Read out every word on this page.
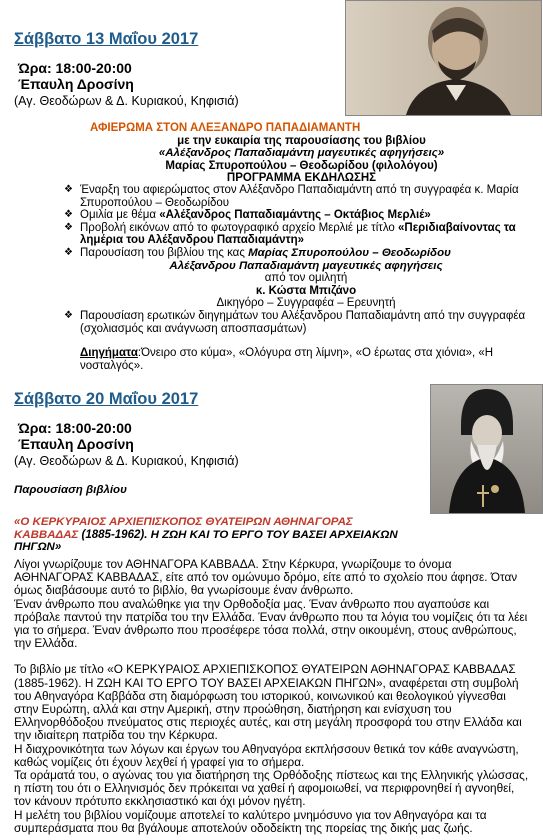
Σάββατο 13 Μαΐου 2017
Ώρα: 18:00-20:00
Έπαυλη Δροσίνη
(Αγ. Θεοδώρων & Δ. Κυριακού, Κηφισιά)
ΑΦΙΕΡΩΜΑ ΣΤΟΝ ΑΛΕΞΑΝΔΡΟ ΠΑΠΑΔΙΑΜΑΝΤΗ
με την ευκαιρία της παρουσίασης του βιβλίου
«Αλέξανδρος Παπαδιαμάντη μαγευτικές αφηγήσεις»
Μαρίας Σπυροπούλου – Θεοδωρίδου (φιλολόγου)
ΠΡΟΓΡΑΜΜΑ ΕΚΔΗΛΩΣΗΣ
❖ Έναρξη του αφιερώματος στον Αλέξανδρο Παπαδιαμάντη από τη συγγραφέα κ. Μαρία Σπυροπούλου – Θεοδωρίδου
❖ Ομιλία με θέμα «Αλέξανδρος Παπαδιαμάντης – Οκτάβιος Μερλιέ»
❖ Προβολή εικόνων από το φωτογραφικό αρχείο Μερλιέ με τίτλο «Περιδιαβαίνοντας τα λημέρια του Αλέξανδρου Παπαδιαμάντη»
❖ Παρουσίαση του βιβλίου της κας Μαρίας Σπυροπούλου – Θεοδωρίδου
Αλέξανδρου Παπαδιαμάντη μαγευτικές αφηγήσεις
από τον ομιλητή
κ. Κώστα Μπιζάνο
Δικηγόρο – Συγγραφέα – Ερευνητή
❖ Παρουσίαση ερωτικών διηγημάτων του Αλέξανδρου Παπαδιαμάντη από την συγγραφέα (σχολιασμός και ανάγνωση αποσπασμάτων)
Διηγήματα:Όνειρο στο κύμα», «Ολόγυρα στη λίμνη», «Ο έρωτας στα χιόνια», «Η νοσταλγός».
Σάββατο 20 Μαΐου 2017
Ώρα: 18:00-20:00
Έπαυλη Δροσίνη
(Αγ. Θεοδώρων & Δ. Κυριακού, Κηφισιά)
Παρουσίαση βιβλίου
«Ο ΚΕΡΚΥΡΑΙΟΣ ΑΡΧΙΕΠΙΣΚΟΠΟΣ ΘΥΑΤΕΙΡΩΝ ΑΘΗΝΑΓΟΡΑΣ ΚΑΒΒΑΔΑΣ (1885-1962). Η ΖΩΗ ΚΑΙ ΤΟ ΕΡΓΟ ΤΟΥ ΒΑΣΕΙ ΑΡΧΕΙΑΚΩΝ ΠΗΓΩΝ»

Λίγοι γνωρίζουμε τον ΑΘΗΝΑΓΟΡΑ ΚΑΒΒΑΔΑ. Στην Κέρκυρα, γνωρίζουμε το όνομα ΑΘΗΝΑΓΟΡΑΣ ΚΑΒΒΑΔΑΣ, είτε από τον ομώνυμο δρόμο, είτε από το σχολείο που άφησε. Όταν όμως διαβάσουμε αυτό το βιβλίο, θα γνωρίσουμε έναν άνθρωπο.

Έναν άνθρωπο που αναλώθηκε για την Ορθοδοξία μας. Έναν άνθρωπο που αγαπούσε και πρόβαλε παντού την πατρίδα του την Ελλάδα. Έναν άνθρωπο που τα λόγια του νομίζεις ότι τα λέει για το σήμερα. Έναν άνθρωπο που προσέφερε τόσα πολλά, στην οικουμένη, στους ανθρώπους, την Ελλάδα.

Το βιβλίο με τίτλο «Ο ΚΕΡΚΥΡΑΙΟΣ ΑΡΧΙΕΠΙΣΚΟΠΟΣ ΘΥΑΤΕΙΡΩΝ ΑΘΗΝΑΓΟΡΑΣ ΚΑΒΒΑΔΑΣ (1885-1962). Η ΖΩΗ ΚΑΙ ΤΟ ΕΡΓΟ ΤΟΥ ΒΑΣΕΙ ΑΡΧΕΙΑΚΩΝ ΠΗΓΩΝ», αναφέρεται στη συμβολή του Αθηναγόρα Καββάδα στη διαμόρφωση του ιστορικού, κοινωνικού και θεολογικού γίγνεσθαι στην Ευρώπη, αλλά και στην Αμερική, στην προώθηση, διατήρηση και ενίσχυση του Ελληνορθόδοξου πνεύματος στις περιοχές αυτές, και στη μεγάλη προσφορά του στην Ελλάδα και την ιδιαίτερη πατρίδα του την Κέρκυρα.

Η διαχρονικότητα των λόγων και έργων του Αθηναγόρα εκπλήσσουν θετικά τον κάθε αναγνώστη, καθώς νομίζεις ότι έχουν λεχθεί ή γραφεί για το σήμερα.

Τα οράματά του, ο αγώνας του για διατήρηση της Ορθόδοξης πίστεως και της Ελληνικής γλώσσας, η πίστη του ότι ο Ελληνισμός δεν πρόκειται να χαθεί ή αφομοιωθεί, να περιφρονηθεί ή αγνοηθεί, τον κάνουν πρότυπο εκκλησιαστικό και όχι μόνον ηγέτη.

Η μελέτη του βιβλίου νομίζουμε αποτελεί το καλύτερο μνημόσυνο για τον Αθηναγόρα και τα συμπεράσματα που θα βγάλουμε αποτελούν οδοδείκτη της πορείας της δικής μας ζωής.
